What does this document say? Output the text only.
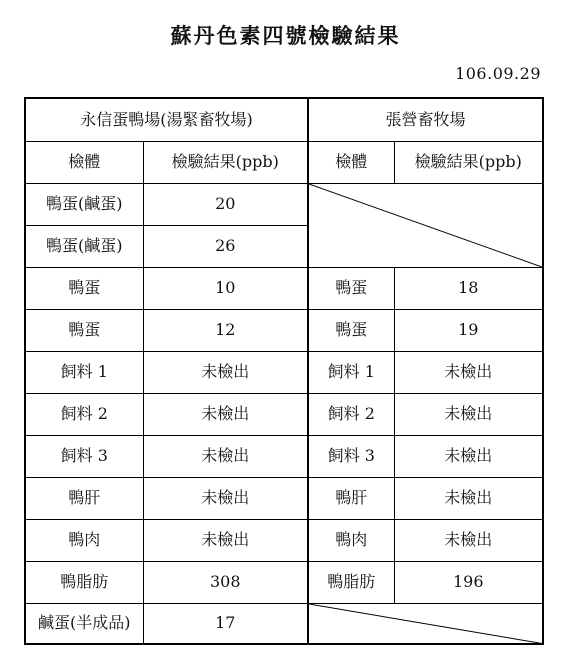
蘇丹色素四號檢驗結果
106.09.29
永信蛋鴨場(湯緊畜牧場)		張營畜牧場	
檢體	檢驗結果(ppb)	檢體	檢驗結果(ppb)
鴨蛋(鹹蛋)	20	

鴨蛋(鹹蛋)	26		
鴨蛋	10	鴨蛋	18
鴨蛋	12	鴨蛋	19
飼料 1	未檢出	飼料 1	未檢出
飼料 2	未檢出	飼料 2	未檢出
飼料 3	未檢出	飼料 3	未檢出
鴨肝	未檢出	鴨肝	未檢出
鴨肉	未檢出	鴨肉	未檢出
鴨脂肪	308	鴨脂肪	196
鹹蛋(半成品)	17	
